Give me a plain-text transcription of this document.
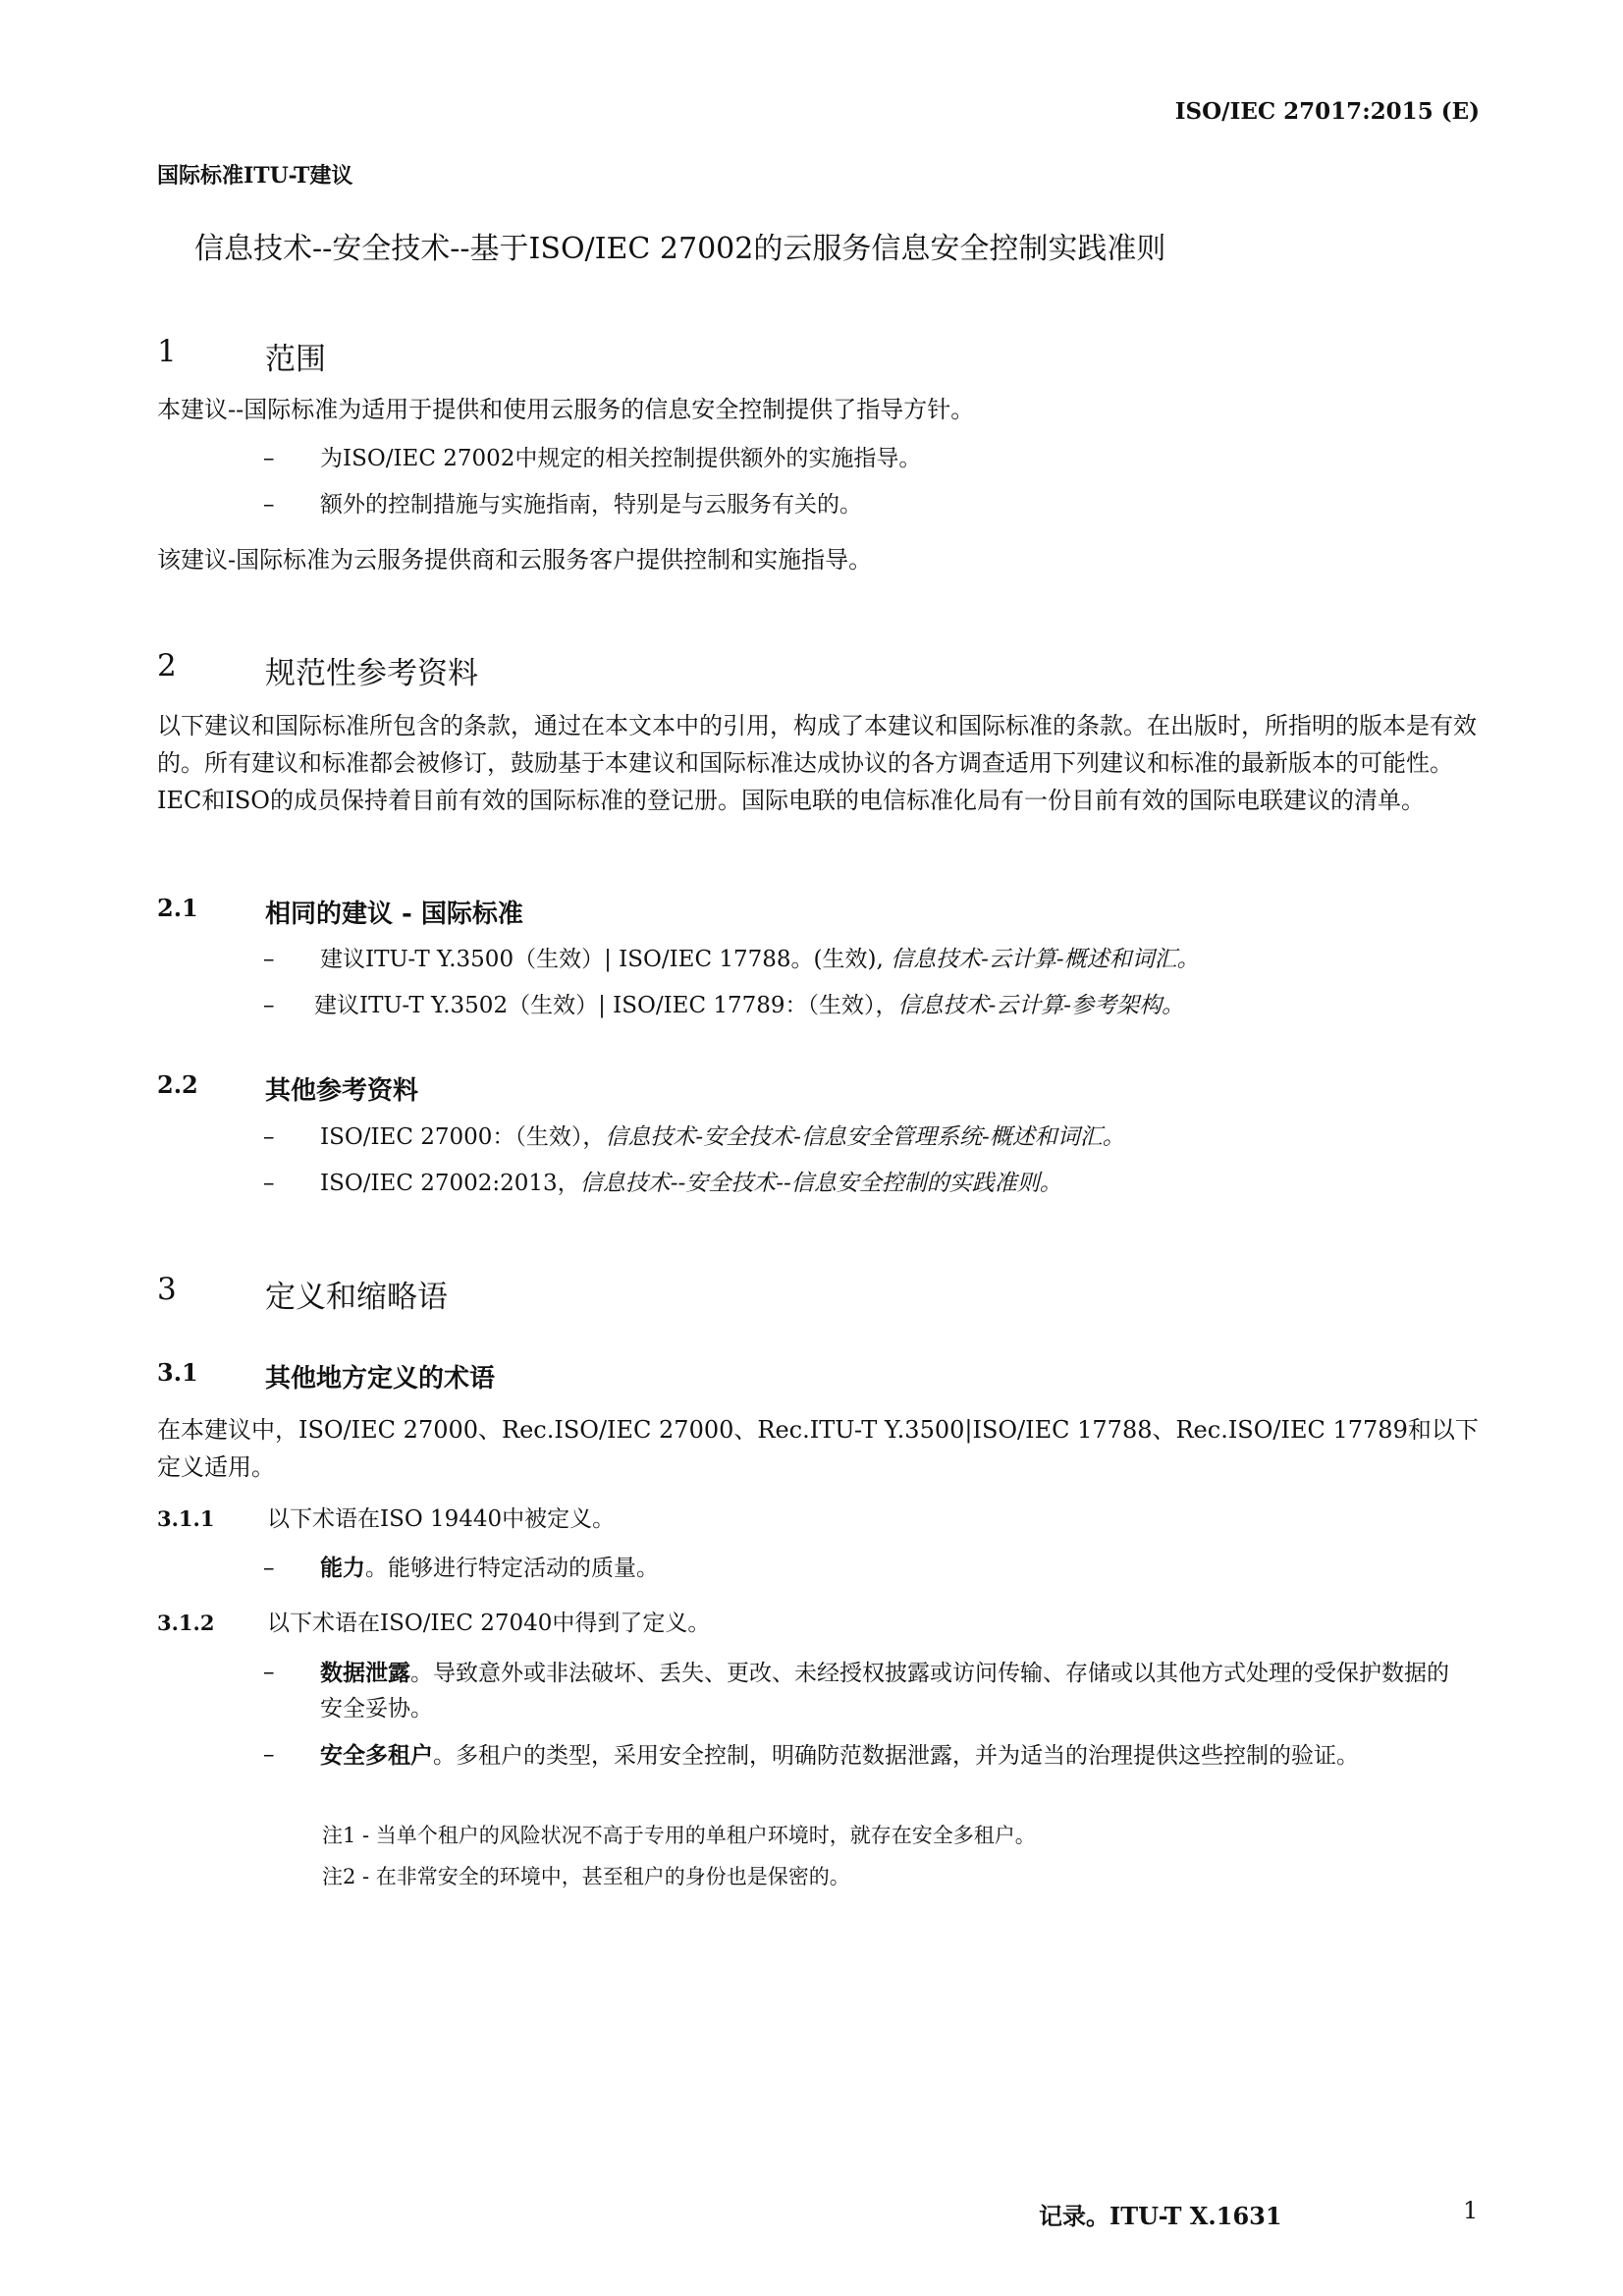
ISO/IEC 27017:2015 (E)
国际标准ITU-T建议
信息技术--安全技术--基于ISO/IEC 27002的云服务信息安全控制实践准则
1	范围
本建议--国际标准为适用于提供和使用云服务的信息安全控制提供了指导方针。
– 为ISO/IEC 27002中规定的相关控制提供额外的实施指导。
– 额外的控制措施与实施指南，特别是与云服务有关的。
该建议-国际标准为云服务提供商和云服务客户提供控制和实施指导。
2	规范性参考资料
以下建议和国际标准所包含的条款，通过在本文本中的引用，构成了本建议和国际标准的条款。在出版时，所指明的版本是有效的。所有建议和标准都会被修订，鼓励基于本建议和国际标准达成协议的各方调查适用下列建议和标准的最新版本的可能性。IEC和ISO的成员保持着目前有效的国际标准的登记册。国际电联的电信标准化局有一份目前有效的国际电联建议的清单。
2.1	相同的建议 - 国际标准
– 建议ITU-T Y.3500（生效）| ISO/IEC 17788。(生效), 信息技术-云计算-概述和词汇。
– 建议ITU-T Y.3502（生效）| ISO/IEC 17789：（生效），信息技术-云计算-参考架构。
2.2	其他参考资料
– ISO/IEC 27000：（生效），信息技术-安全技术-信息安全管理系统-概述和词汇。
– ISO/IEC 27002:2013，信息技术--安全技术--信息安全控制的实践准则。
3	定义和缩略语
3.1	其他地方定义的术语
在本建议中，ISO/IEC 27000、Rec.ISO/IEC 27000、Rec.ITU-T Y.3500|ISO/IEC 17788、Rec.ISO/IEC 17789和以下定义适用。
3.1.1 以下术语在ISO 19440中被定义。
– 能力。能够进行特定活动的质量。
3.1.2 以下术语在ISO/IEC 27040中得到了定义。
– 数据泄露。导致意外或非法破坏、丢失、更改、未经授权披露或访问传输、存储或以其他方式处理的受保护数据的安全妥协。
– 安全多租户。多租户的类型，采用安全控制，明确防范数据泄露，并为适当的治理提供这些控制的验证。
注1 - 当单个租户的风险状况不高于专用的单租户环境时，就存在安全多租户。
注2 - 在非常安全的环境中，甚至租户的身份也是保密的。
记录。ITU-T X.1631	1
